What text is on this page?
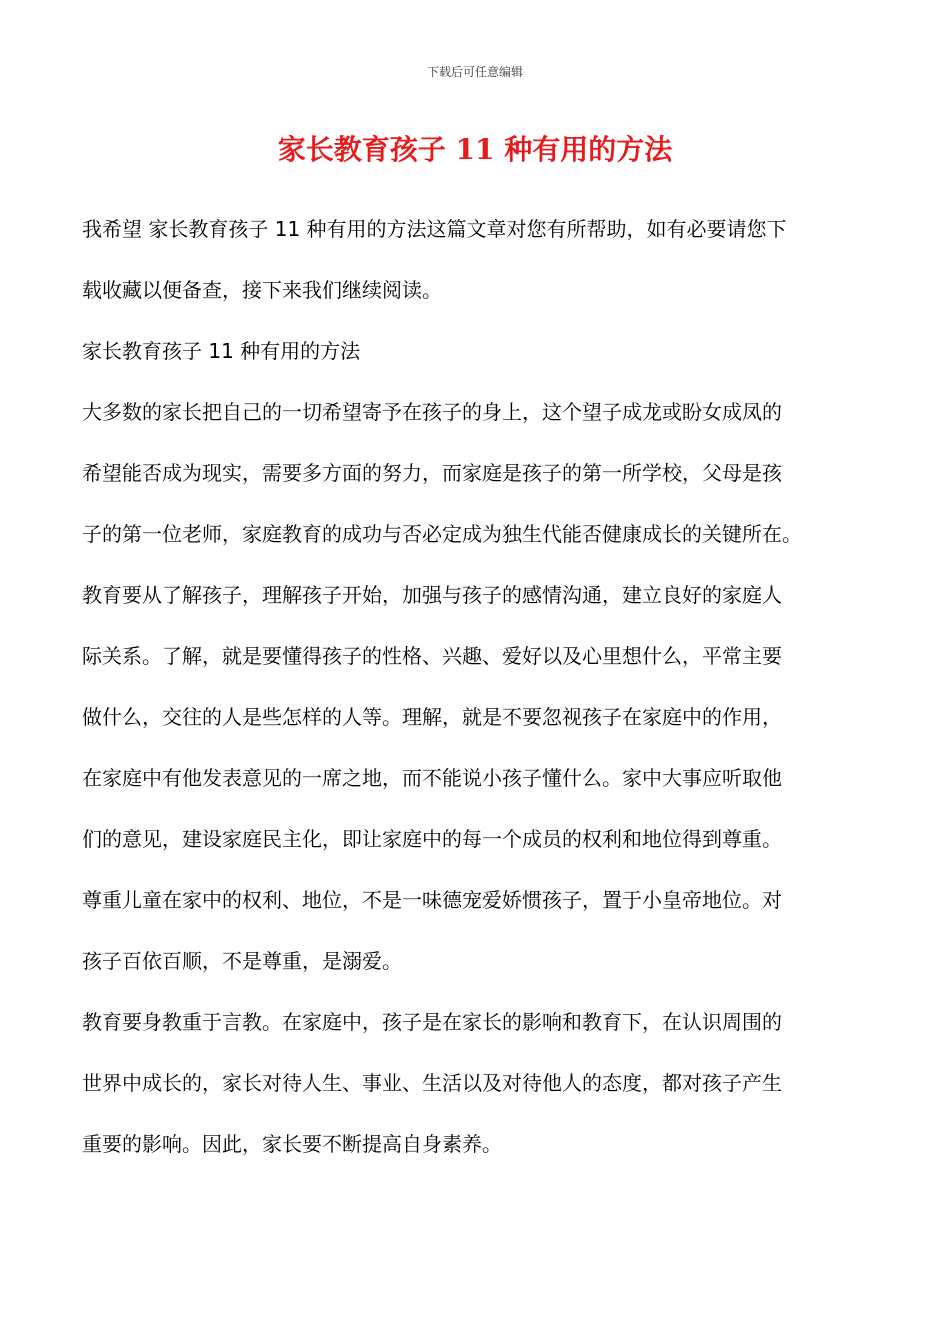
下载后可任意编辑
家长教育孩子 11 种有用的方法
我希望 家长教育孩子 11 种有用的方法这篇文章对您有所帮助，如有必要请您下
载收藏以便备查，接下来我们继续阅读。
家长教育孩子 11 种有用的方法
大多数的家长把自己的一切希望寄予在孩子的身上，这个望子成龙或盼女成凤的
希望能否成为现实，需要多方面的努力，而家庭是孩子的第一所学校，父母是孩
子的第一位老师，家庭教育的成功与否必定成为独生代能否健康成长的关键所在。
教育要从了解孩子，理解孩子开始，加强与孩子的感情沟通，建立良好的家庭人
际关系。了解，就是要懂得孩子的性格、兴趣、爱好以及心里想什么，平常主要
做什么，交往的人是些怎样的人等。理解，就是不要忽视孩子在家庭中的作用，
在家庭中有他发表意见的一席之地，而不能说小孩子懂什么。家中大事应听取他
们的意见，建设家庭民主化，即让家庭中的每一个成员的权利和地位得到尊重。
尊重儿童在家中的权利、地位，不是一味德宠爱娇惯孩子，置于小皇帝地位。对
孩子百依百顺，不是尊重，是溺爱。
教育要身教重于言教。在家庭中，孩子是在家长的影响和教育下，在认识周围的
世界中成长的，家长对待人生、事业、生活以及对待他人的态度，都对孩子产生
重要的影响。因此，家长要不断提高自身素养。
